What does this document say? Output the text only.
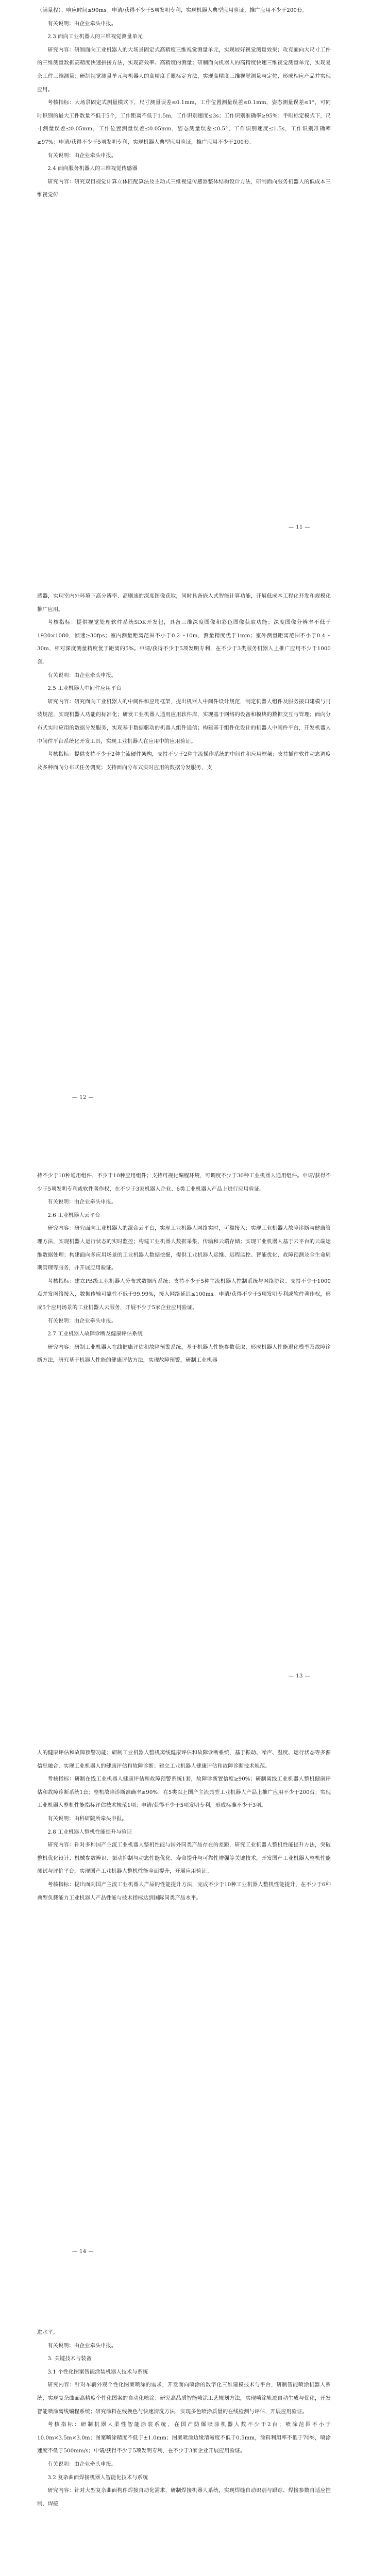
（满量程）、响应时间≤90ms。申请/获得不少于5项发明专利，实现机器人典型应用验证，推广应用不少于200套。

有关说明：由企业牵头申报。

2.3 面向工业机器人的三维视觉测量单元

研究内容：研制面向工业机器人的大场景固定式高精度三维视觉测量单元，实现较好视觉测量效果；攻克面向大尺寸工件的三维测量数据高精度快速拼接方法，实现高效率、高精度的测量；研制面向机器人的高精度快速三维视觉测量单元，实现复杂工件三维测量；研制视觉测量单元与机器人的高精度手眼标定方法，实现高精度三维视觉测量与定位，形成相应产品并实现应用。

考核指标：大场景固定式测量模式下，尺寸测量误差≤0.1mm，工作位置测量误差≤0.1mm，姿态测量误差≤1°，可同时识别的最大工件数量不低于5个，工作距离不低于1.5m，工作识别速度≤3s；工作识别准确率≥95%；手眼标定模式下，尺寸测量误差≤0.05mm，工作位置测量误差≤0.05mm，姿态测量误差≤0.5°，工作识别速度≤1.5s，工作识别准确率≥97%；申请/获得不少于5项发明专利，实现机器人典型应用验证，推广应用不少于200套。

有关说明：由企业牵头申报。

2.4 面向服务机器人的三维视觉传感器

研究内容：研究双目视觉计算立体匹配算法及主动式三维视觉传感器整体结构设计方法，研制面向服务机器人的低成本三维视觉传

— 11 —

感器，实现室内外环境下高分辨率、高刷速的深度图像获取，同时具备嵌入式智能计算功能，开展低成本工程化开发和规模化推广应用。

考核指标：提供视觉处理软件系统SDK开发包，具备三维深度图像和彩色图像获取功能；深度图像分辨率不低于1920×1080，帧速≥30fps；室内测量距离范围不小于0.2～10m，测量精度优于1mm；室外测量距离范围不小于0.4～30m，相对深度测量精度优于距离的5%。申请/获得不少于5项发明专利，在不少于3类服务机器人上推广应用不少于1000套。

有关说明：由企业牵头申报。

2.5 工业机器人中间件应用平台

研究内容：研究面向工业机器人的中间件和应用框架，提出机器人中间件设计规范，制定机器人组件及服务接口建模与封装规范，实现机器人功能的标准化；研发工业机器人通用应用软件库，实现基于网络的设备和模块的数据交互与管理；面向分布式实时应用的数据分发服务，实现基于数据驱动的机器人组件通信；构建基于组件化设计的机器人中间件平台，开发机器人中间件平台系统化开发工具，实现工业机器人在应用中的应用验证。

考核指标：提供支持不少于2种主流硬件架构，支持不少于2种主流操作系统的中间件和应用框架；支持插件软件动态调度及多种面向分布式任务调度；支持面向分布式实时应用的数据分发服务，支

— 12 —

持不少于10种通用组件，不少于10种应用组件；支持可视化编程环境，可调度不少于30种工业机器人通用组件。申请/获得不少于5项发明专利或软件著作权，在不少于3家机器人企业、6类工业机器人产品上进行应用验证。

有关说明：由企业牵头申报。

2.6 工业机器人云平台

研究内容：研究面向工业机器人的混合云平台，实现工业机器人网络实时，可靠接入；实现工业机器人故障诊断与健康管理方法，实现机器人运行状态的实时监控；构建工业机器人数据采集、传输和云端存储；实现工业机器人基于云平台的云端运维数据处理；构建面向多应用场景的工业机器人数据挖掘，提供工业机器人运维、远程监控、智能优化、故障预测及全生命周期管理等服务，并开展应用验证。

考核指标：建立PB级工业机器人分布式数据库系统；支持不少于5种主流机器人控制系统与网络协议、支持不少于1000点并发网络接入，数据传输可靠性不低于99.99%，接入网络延迟≤100ms。申请/获得不少于5项发明专利或软件著作权，形成5个应用场景的工业机器人云服务，开展不少于5家企业应用验证。

有关说明：由企业牵头申报。

2.7 工业机器人故障诊断及健康评估系统

研究内容：研制工业机器人在线健康评估和故障预警系统，基于机器人性能参数获取，形成机器人性能退化模型及故障诊断方法，研究基于机器人性能的健康评估方法，实现故障预警，研制工业机器

— 13 —

人的健康评估和故障预警功能；研制工业机器人整机离线健康评估和故障诊断系统，基于振动、噪声、温度、运行状态等多源信息融合，实现工业机器人的健康评估和故障诊断；建立工业机器人健康评估和故障诊断技术规范。

考核指标：研制在线工业机器人健康评估和故障预警系统1套，故障诊断置信度≥90%；研制离线工业机器人整机健康评估和故障诊断系统1套；整机故障诊断准确率≥90%；在5类以上国产主流典型工业机器人产品上推广应用不少于200台；实现工业机器人整机性能指标评估技术规范1项；申请/获得不少于5项发明专利，形成标准不少于3项。

有关说明：由科研院所牵头申报。

2.8 工业机器人整机性能提升与验证

研究内容：针对多种国产主流工业机器人整机性能与国外同类产品存在的差距，研究工业机器人整机性能提升方法，突破整机优化设计、机械参数辨识、振动抑制与动态性能优化、寿命提升与可靠性增强等关键技术，开发国产工业机器人整机性能测试与评价平台，实现国产工业机器人整机性能全面提升，开展应用验证。

考核指标：提出面向国产主流工业机器人产品的性能提升方法，完成不少于10种工业机器人整机性能提升，在不少于6种典型负载能力工业机器人产品性能与技术指标达到国际同类产品水平。

— 14 —

进水平。

有关说明：由企业牵头申报。

3. 关键技术与装备

3.1 个性化图案智能涂装机器人技术与系统

研究内容：针对车辆外观个性化图案喷涂的需求，开发面向喷涂的数字化三维建模技术与平台，研制智能喷涂机器人系统，实现复杂曲面高精度个性化图案的自动化喷涂；研究高品质智能喷涂工艺规划方法，实现喷涂轨迹自动生成与优化，开发智能喷涂离线编程系统；研究涂料在线换色与快速清洗方法，实现多色喷涂质量的在线检测与评估，开展应用验证。

考核指标：研制机器人柔性智能涂装系统，在国产防爆喷涂机器人数不少于2台；喷涂范围不小于10.0m×3.5m×3.0m；图案喷涂精度不低于±1.0mm；图案喷涂边缘清晰度不低于0.5mm，涂料利用率不低于70%，喷涂速度不低于500mm/s；申请/获得不少于5项发明专利，在不少于3家企业开展应用验证。

有关说明：由企业牵头申报。

3.2 复杂曲面焊接机器人智能化技术与系统

研究内容：针对大型复杂曲面构件焊接自动化需求，研制焊接机器人系统，实现焊缝自动识别与跟踪、焊接参数自适应控制、焊接
